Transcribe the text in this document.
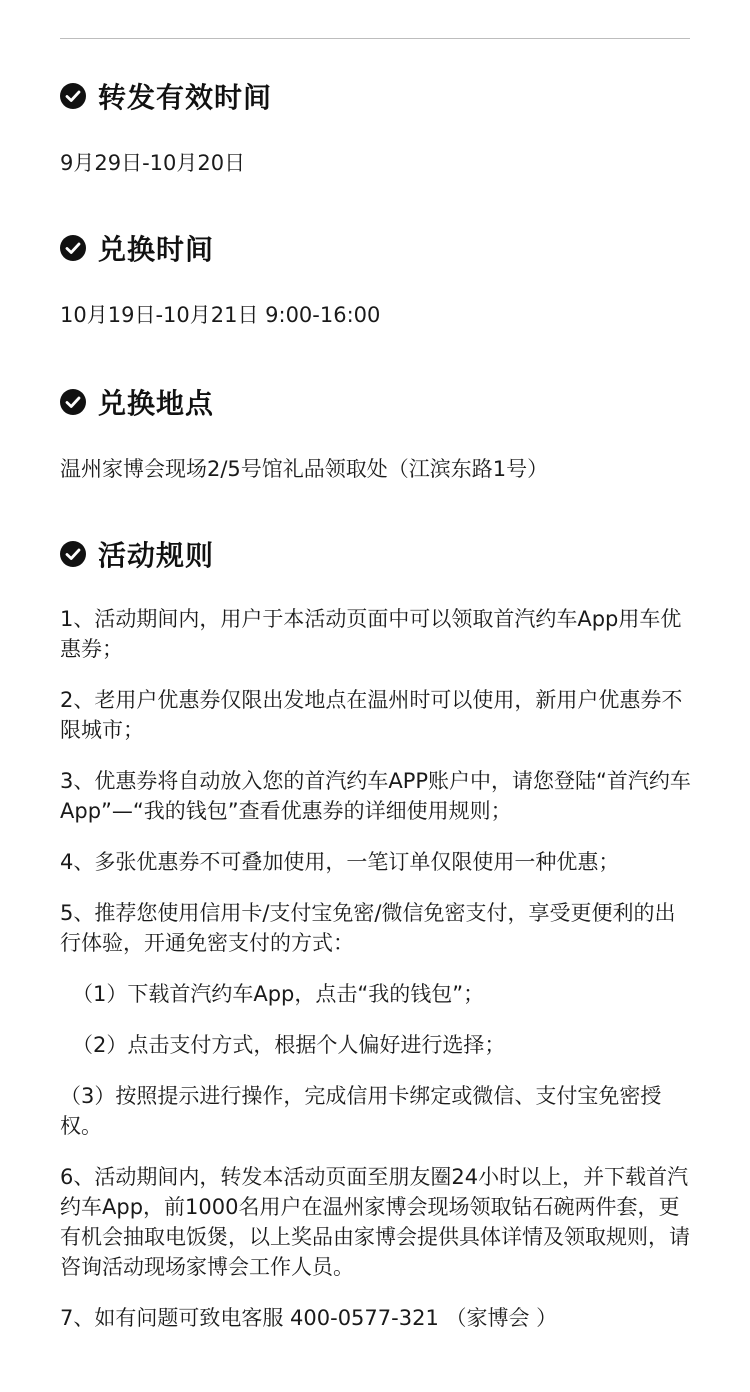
转发有效时间
9月29日-10月20日
兑换时间
10月19日-10月21日 9:00-16:00
兑换地点
温州家博会现场2/5号馆礼品领取处（江滨东路1号）
活动规则

1、活动期间内，用户于本活动页面中可以领取首汽约车App用车优惠券；

2、老用户优惠券仅限出发地点在温州时可以使用，新用户优惠券不限城市；

3、优惠券将自动放入您的首汽约车APP账户中，请您登陆“首汽约车App”—“我的钱包”查看优惠券的详细使用规则；

4、多张优惠券不可叠加使用，一笔订单仅限使用一种优惠；

5、推荐您使用信用卡/支付宝免密/微信免密支付，享受更便利的出行体验，开通免密支付的方式：

（1）下载首汽约车App，点击“我的钱包”；

（2）点击支付方式，根据个人偏好进行选择；

（3）按照提示进行操作，完成信用卡绑定或微信、支付宝免密授权。

6、活动期间内，转发本活动页面至朋友圈24小时以上，并下载首汽约车App，前1000名用户在温州家博会现场领取钻石碗两件套，更有机会抽取电饭煲，以上奖品由家博会提供具体详情及领取规则，请咨询活动现场家博会工作人员。

7、如有问题可致电客服 400-0577-321 （家博会 ）
